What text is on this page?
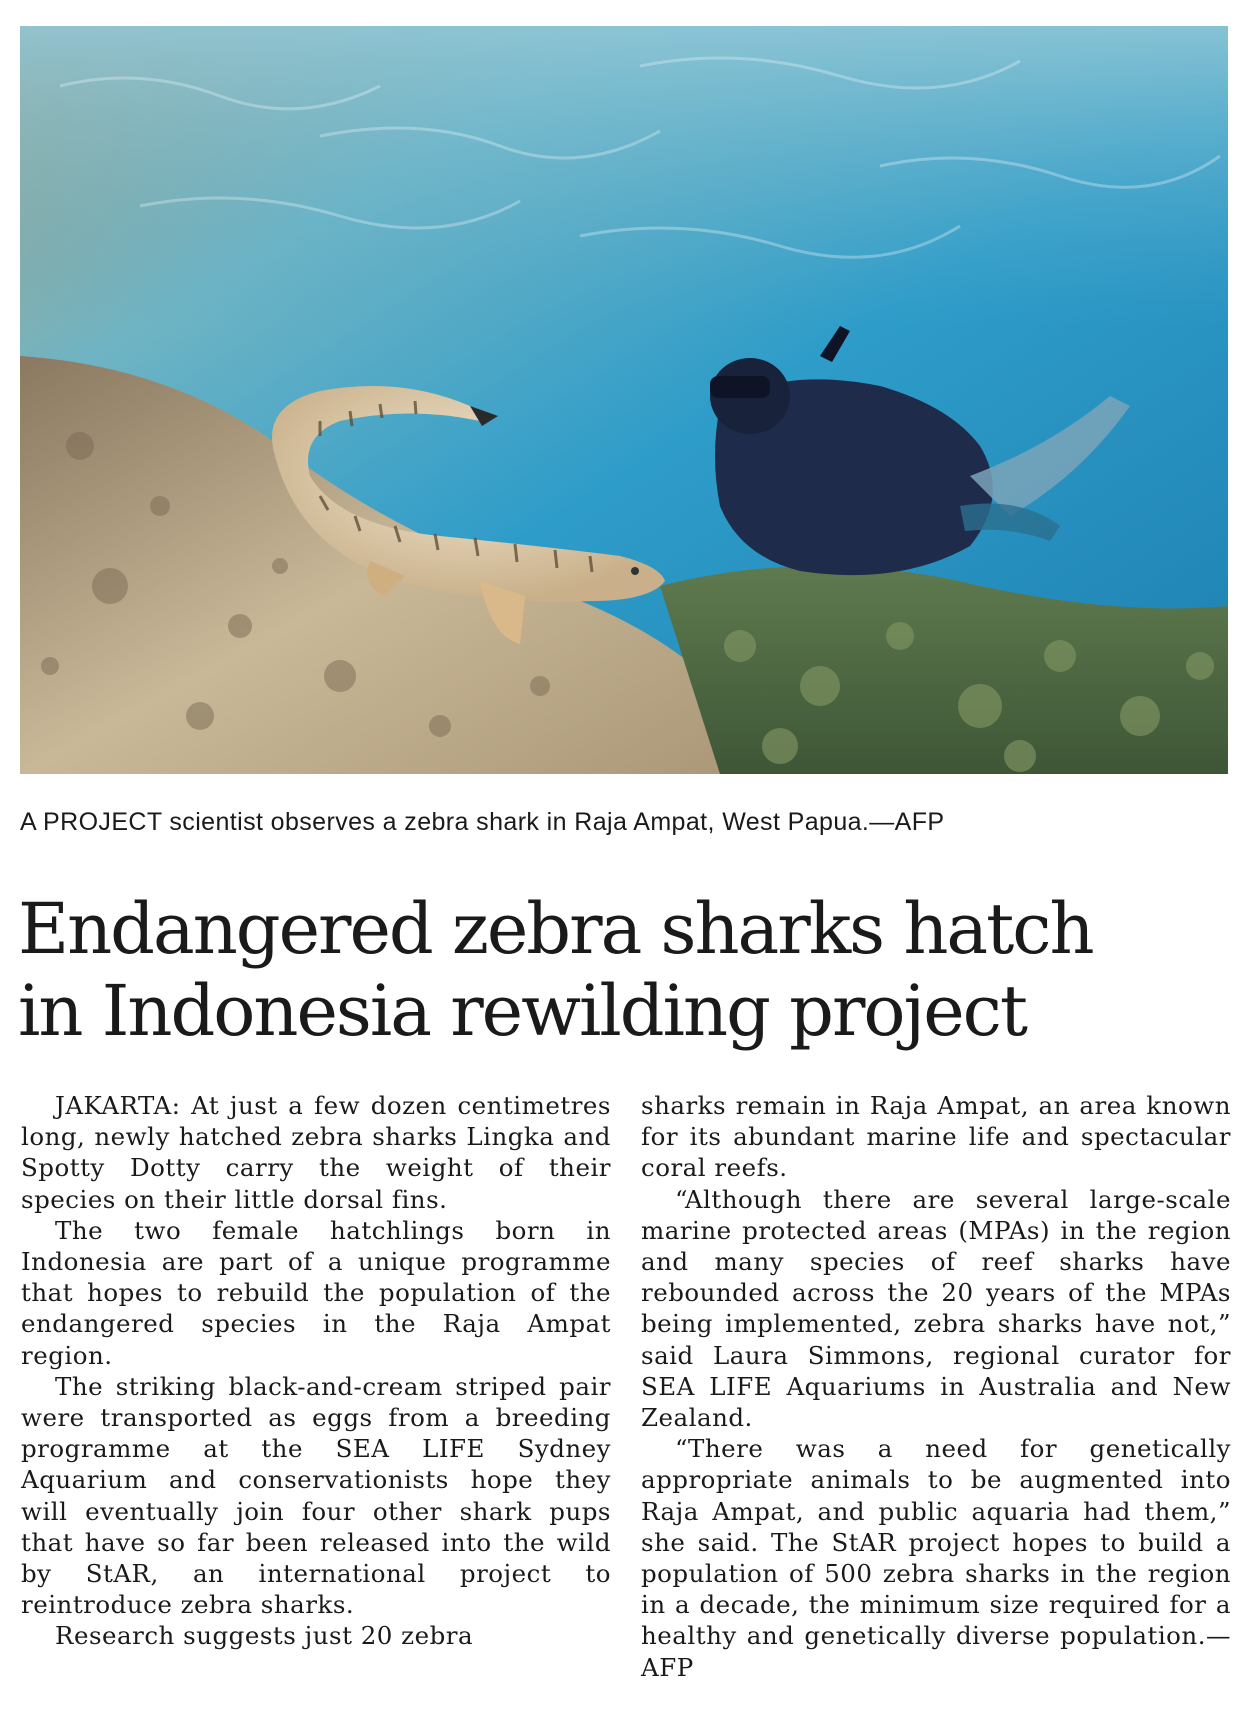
A PROJECT scientist observes a zebra shark in Raja Ampat, West Papua.—AFP
Endangered zebra sharks hatch
in Indonesia rewilding project

JAKARTA: At just a few dozen centimetres long, newly hatched zebra sharks Lingka and Spotty Dotty carry the weight of their species on their little dorsal fins.

The two female hatchlings born in Indonesia are part of a unique programme that hopes to rebuild the population of the endangered species in the Raja Ampat region.

The striking black-and-cream striped pair were transported as eggs from a breeding programme at the SEA LIFE Sydney Aquarium and conservationists hope they will eventually join four other shark pups that have so far been released into the wild by StAR, an international project to reintroduce zebra sharks.

Research suggests just 20 zebra

sharks remain in Raja Ampat, an area known for its abundant marine life and spectacular coral reefs.

“Although there are several large-scale marine protected areas (MPAs) in the region and many species of reef sharks have rebounded across the 20 years of the MPAs being implemented, zebra sharks have not,” said Laura Simmons, regional curator for SEA LIFE Aquariums in Australia and New Zealand.

“There was a need for genetically appropriate animals to be augmented into Raja Ampat, and public aquaria had them,” she said. The StAR project hopes to build a population of 500 zebra sharks in the region in a decade, the minimum size required for a healthy and genetically diverse population.—AFP
